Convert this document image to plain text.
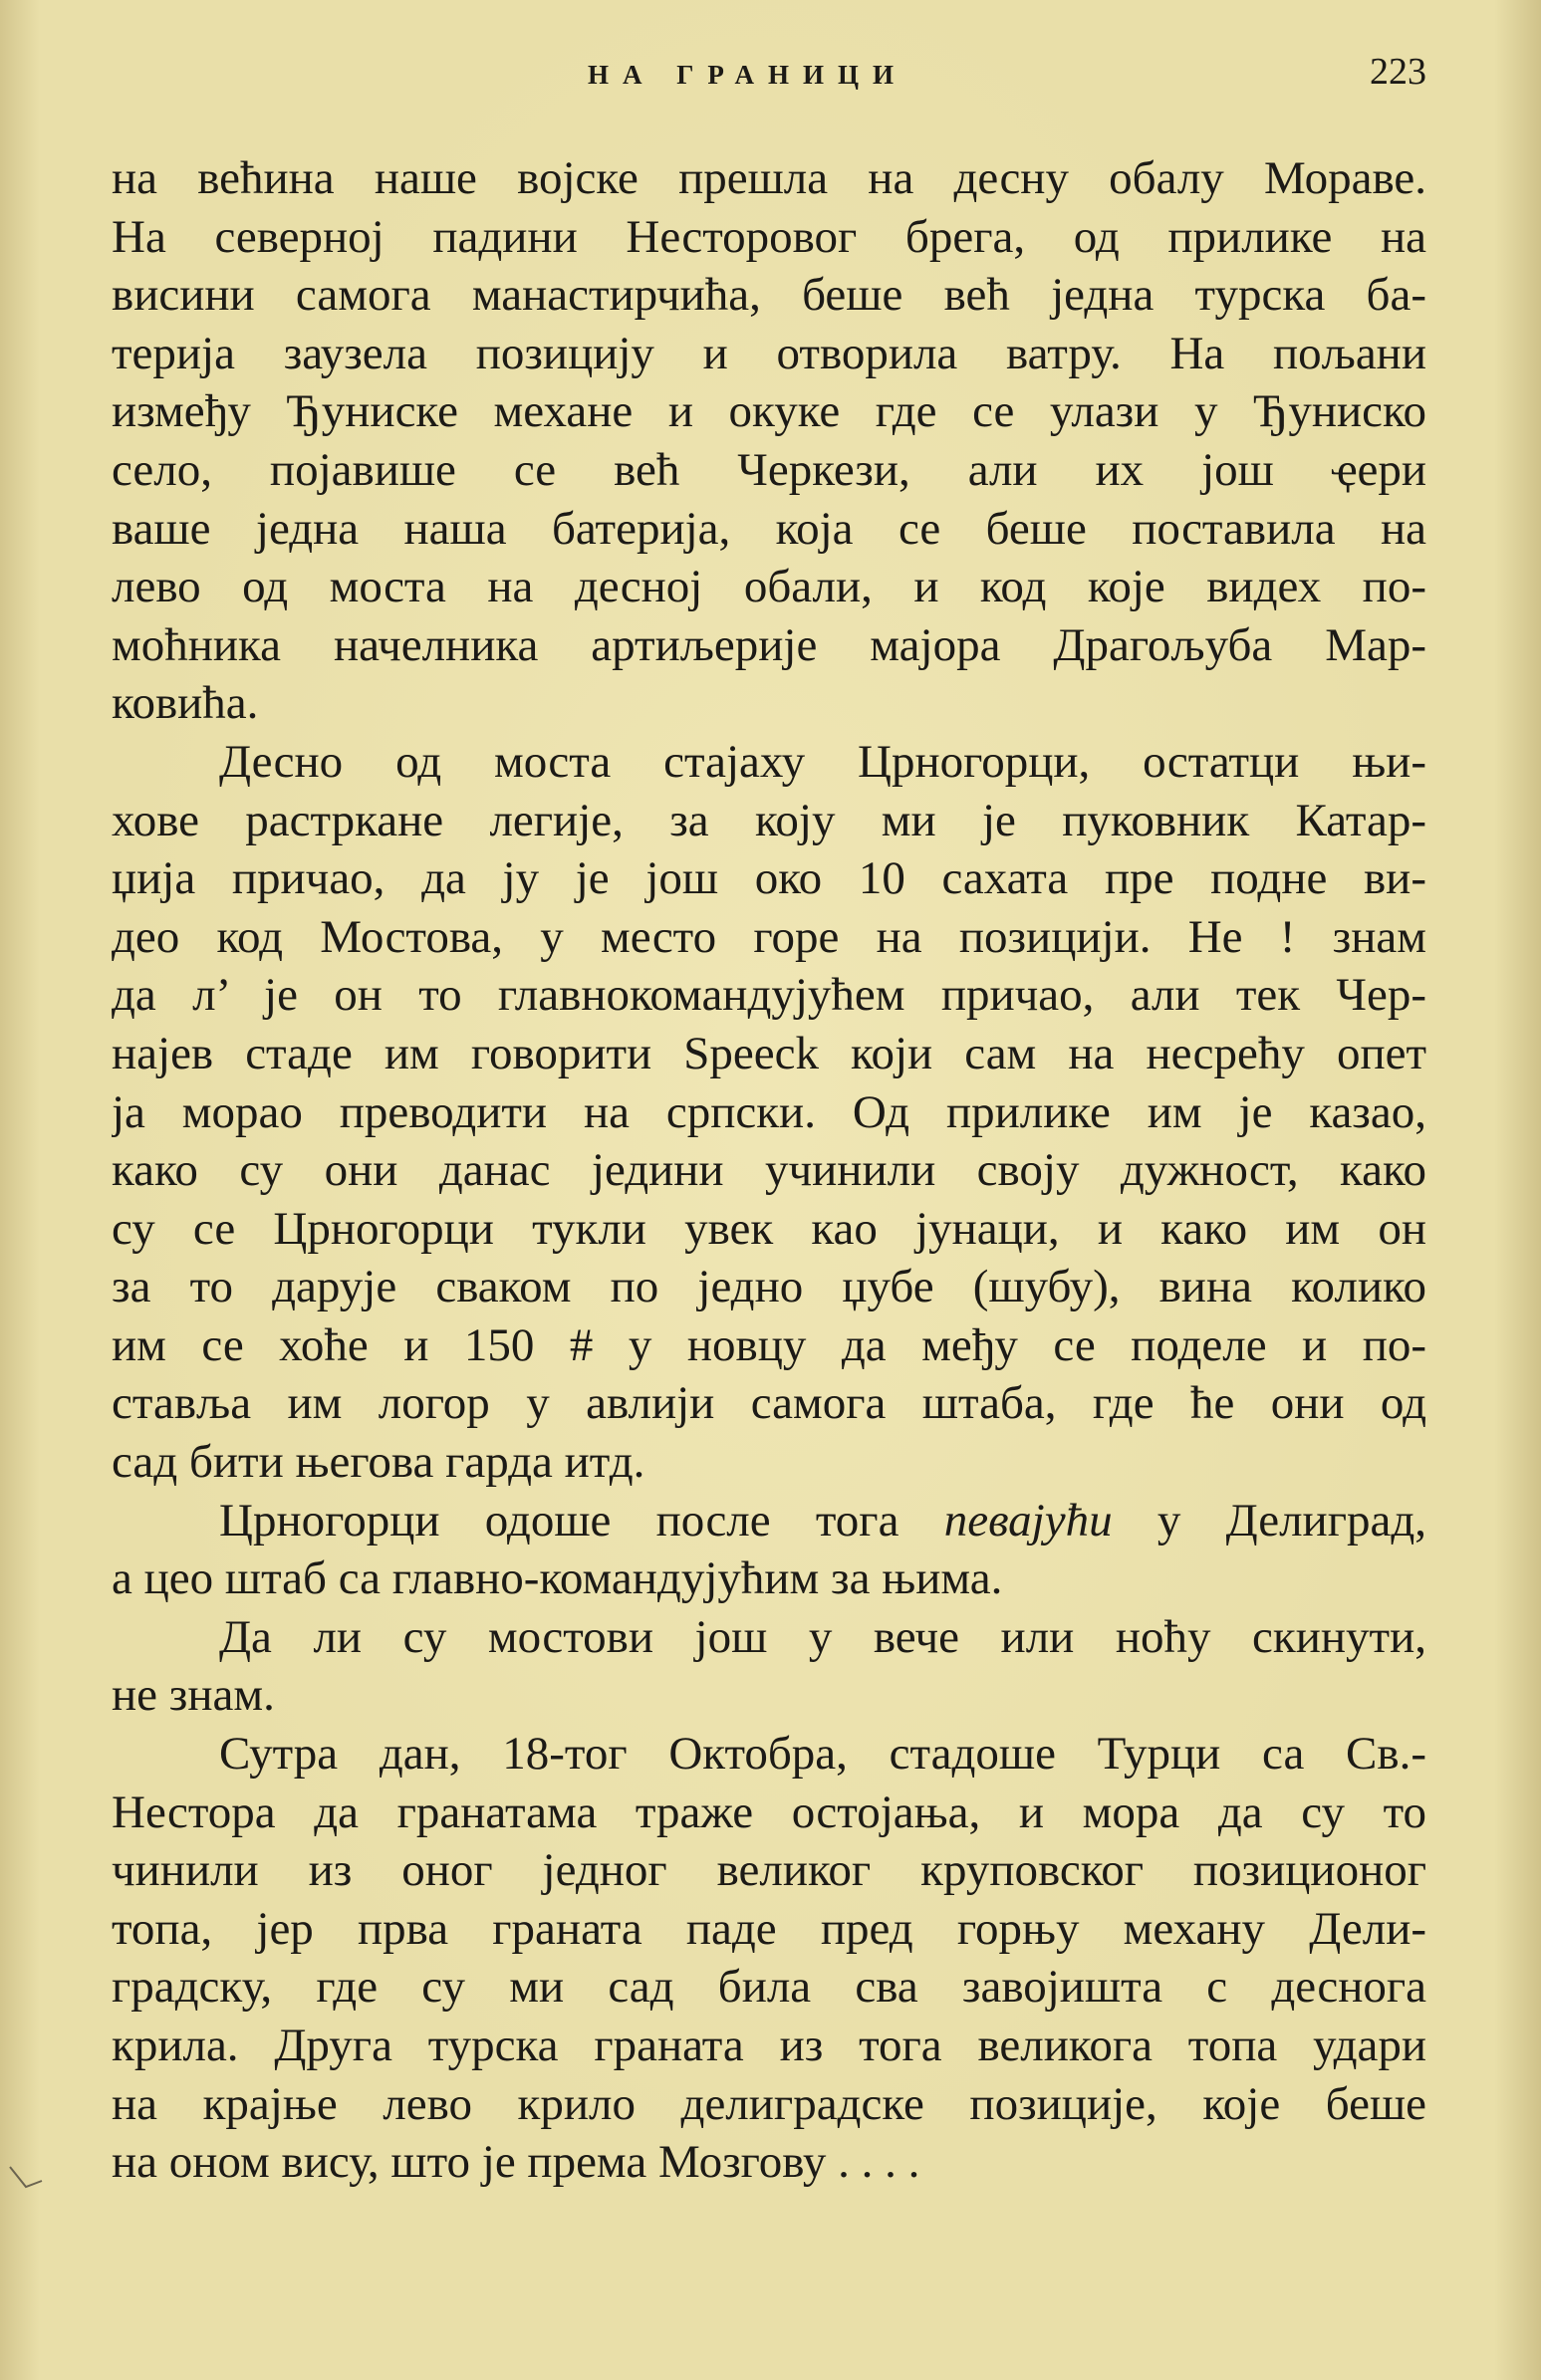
НА ГРАНИЦИ	223
на већина наше војске прешла на десну обалу Мораве.
На северној падини Несторовог брега, од прилике на
висини самога манастирчића, беше већ једна турска ба-
терија заузела позицију и отворила ватру. На пољани
између Ђуниске механе и окуке где се улази у Ђуниско
село, појавише се већ Черкези, али их још ҿери
ваше једна наша батерија, која се беше поставила на
лево од моста на десној обали, и код које видех по-
моћника начелника артиљерије мајора Драгољуба Мар-
ковића.
Десно од моста стајаху Црногорци, остатци њи-
хове растркане легије, за коју ми је пуковник Катар-
џија причао, да ју је још око 10 сахата пре подне ви-
део код Мостова, у место горе на позицији. Не ! знам
да л’ је он то главнокомандујућем причао, али тек Чер-
најев стаде им говорити Speeck који сам на несрећу опет
ја морао преводити на српски. Од прилике им је казао,
како су они данас једини учинили своју дужност, како
су се Црногорци тукли увек као јунаци, и како им он
за то дарује сваком по једно џубе (шубу), вина колико
им се хоће и 150 # у новцу да међу се поделе и по-
ставља им логор у авлији самога штаба, где ће они од
сад бити његова гарда итд.
Црногорци одоше после тога певајући у Делиград,
а цео штаб са главно-командујућим за њима.
Да ли су мостови још у вече или ноћу скинути,
не знам.
Сутра дан, 18-тог Октобра, стадоше Турци са Св.-
Нестора да гранатама траже остојања, и мора да су то
чинили из оног једног великог круповског позиционог
топа, јер прва граната паде пред горњу механу Дели-
градску, где су ми сад била сва завојишта с деснога
крила. Друга турска граната из тога великога топа удари
на крајње лево крило делиградске позиције, које беше
на оном вису, што је према Мозгову . . . .
